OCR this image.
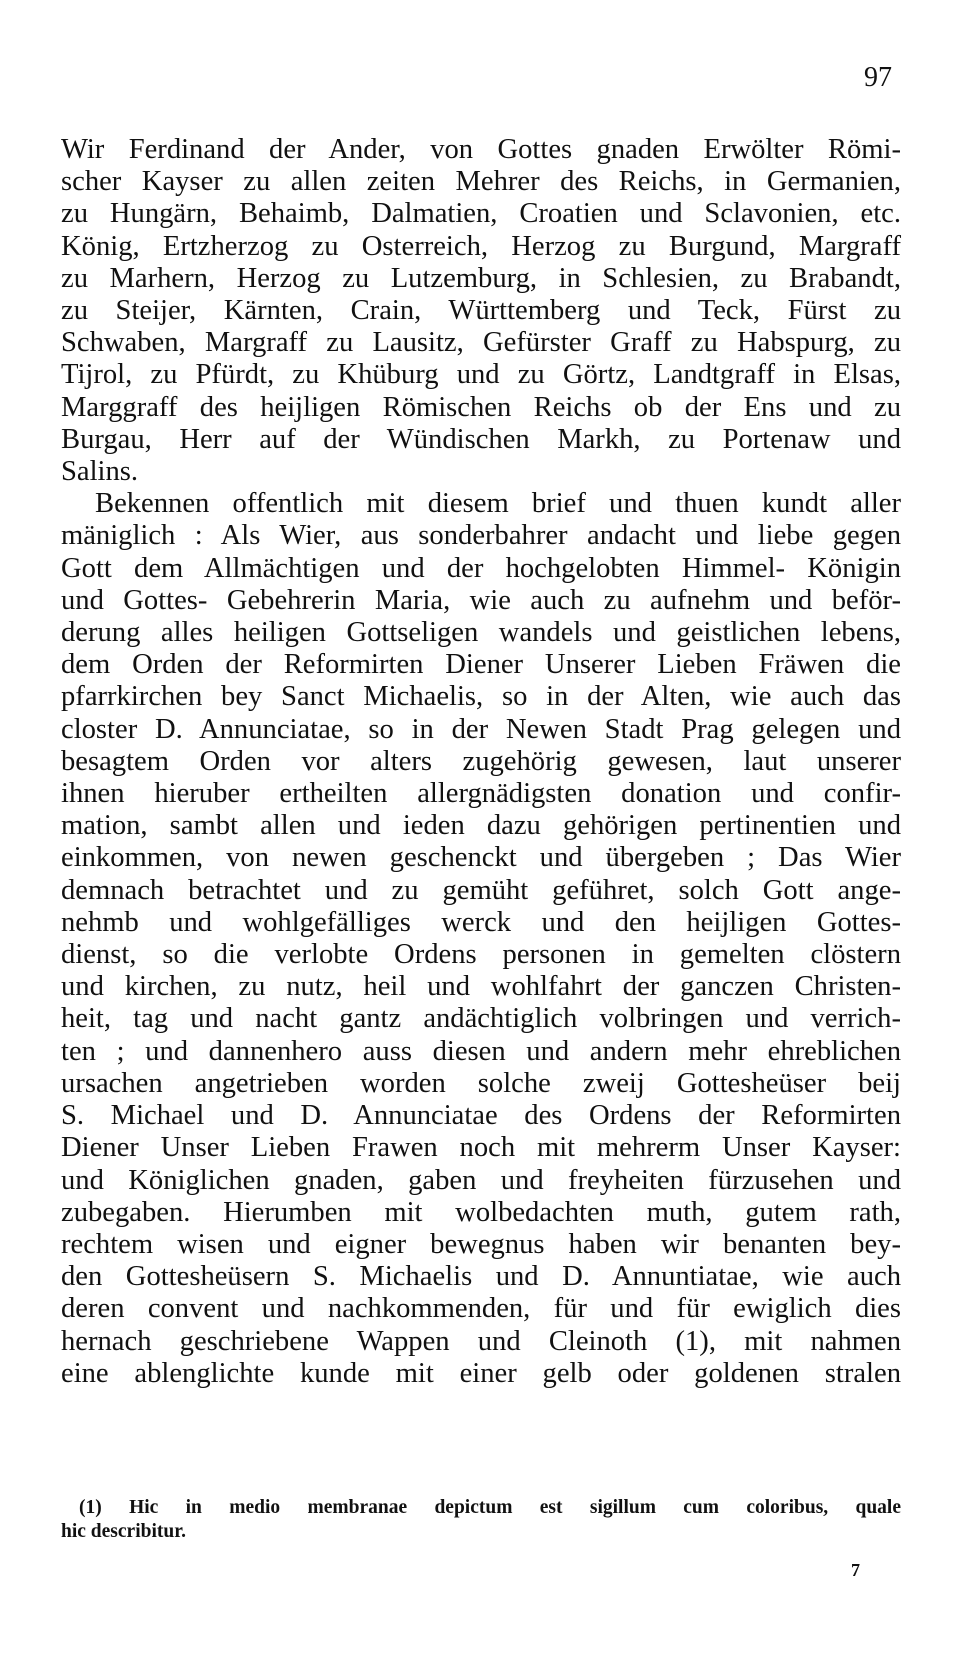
97
Wir Ferdinand der Ander, von Gottes gnaden Erwölter Römi-
scher Kayser zu allen zeiten Mehrer des Reichs, in Germanien,
zu Hungärn, Behaimb, Dalmatien, Croatien und Sclavonien, etc.
König, Ertzherzog zu Osterreich, Herzog zu Burgund, Margraff
zu Marhern, Herzog zu Lutzemburg, in Schlesien, zu Brabandt,
zu Steijer, Kärnten, Crain, Württemberg und Teck, Fürst zu
Schwaben, Margraff zu Lausitz, Gefürster Graff zu Habspurg, zu
Tijrol, zu Pfürdt, zu Khüburg und zu Görtz, Landtgraff in Elsas,
Marggraff des heijligen Römischen Reichs ob der Ens und zu
Burgau, Herr auf der Wündischen Markh, zu Portenaw und
Salins.
Bekennen offentlich mit diesem brief und thuen kundt aller
mäniglich : Als Wier, aus sonderbahrer andacht und liebe gegen
Gott dem Allmächtigen und der hochgelobten Himmel- Königin
und Gottes- Gebehrerin Maria, wie auch zu aufnehm und beför-
derung alles heiligen Gottseligen wandels und geistlichen lebens,
dem Orden der Reformirten Diener Unserer Lieben Fräwen die
pfarrkirchen bey Sanct Michaelis, so in der Alten, wie auch das
closter D. Annunciatae, so in der Newen Stadt Prag gelegen und
besagtem Orden vor alters zugehörig gewesen, laut unserer
ihnen hieruber ertheilten allergnädigsten donation und confir-
mation, sambt allen und ieden dazu gehörigen pertinentien und
einkommen, von newen geschenckt und übergeben ; Das Wier
demnach betrachtet und zu gemüht geführet, solch Gott ange-
nehmb und wohlgefälliges werck und den heijligen Gottes-
dienst, so die verlobte Ordens personen in gemelten clöstern
und kirchen, zu nutz, heil und wohlfahrt der ganczen Christen-
heit, tag und nacht gantz andächtiglich volbringen und verrich-
ten ; und dannenhero auss diesen und andern mehr ehreblichen
ursachen angetrieben worden solche zweij Gotteshеüser beij
S. Michael und D. Annunciatae des Ordens der Reformirten
Diener Unser Lieben Frawen noch mit mehrerm Unser Kayser:
und Königlichen gnaden, gaben und freyheiten fürzusehen und
zubegaben. Hierumben mit wolbedachten muth, gutem rath,
rechtem wisen und eigner bewegnus haben wir benanten bey-
den Gotteshеüsern S. Michaelis und D. Annuntiatae, wie auch
deren convent und nachkommenden, für und für ewiglich dies
hernach geschriebene Wappen und Cleinoth (1), mit nahmen
eine ablenglichte kunde mit einer gelb oder goldenen stralen
(1) Hic in medio membranae depictum est sigillum cum coloribus, quale
hic describitur.
7
